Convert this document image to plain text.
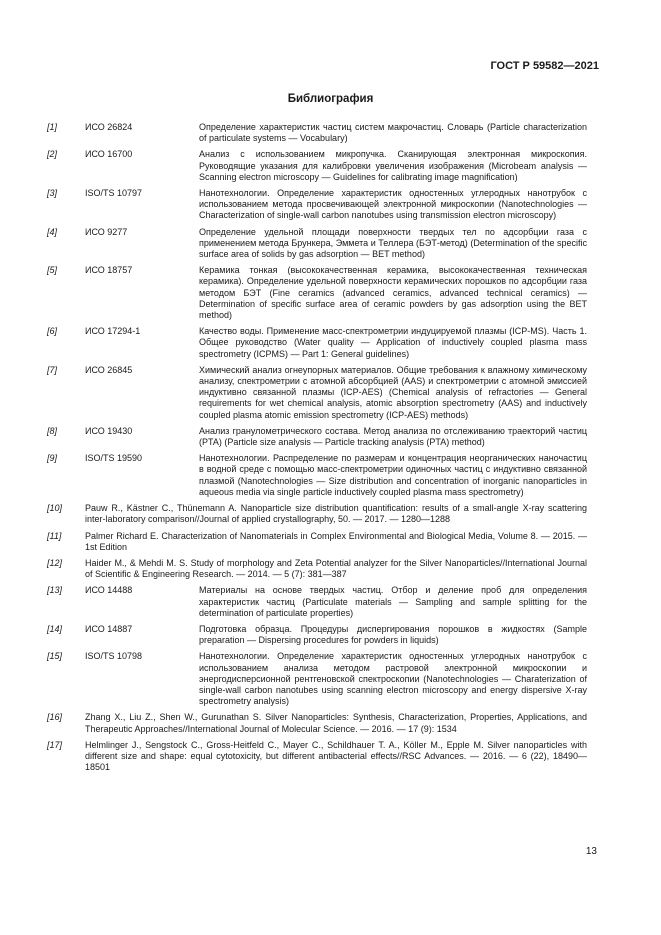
ГОСТ Р 59582—2021

Библиография
[1]	ИСО 26824	Определение характеристик частиц систем макрочастиц. Словарь (Particle characterization of particulate systems — Vocabulary)
[2]	ИСО 16700	Анализ с использованием микропучка. Сканирующая электронная микроскопия. Руководящие указания для калибровки увеличения изображения (Microbeam analysis — Scanning electron microscopy — Guidelines for calibrating image magnification)
[3]	ISO/TS 10797	Нанотехнологии. Определение характеристик одностенных углеродных нанотрубок с использованием метода просвечивающей электронной микроскопии (Nanotechnologies — Characterization of single-wall carbon nanotubes using transmission electron microscopy)
[4]	ИСО 9277	Определение удельной площади поверхности твердых тел по адсорбции газа с применением метода Брункера, Эммета и Теллера (БЭТ-метод) (Determination of the specific surface area of solids by gas adsorption — BET method)
[5]	ИСО 18757	Керамика тонкая (высококачественная керамика, высококачественная техническая керамика). Определение удельной поверхности керамических порошков по адсорбции газа методом БЭТ (Fine ceramics (advanced ceramics, advanced technical ceramics) — Determination of specific surface area of ceramic powders by gas adsorption using the BET method)
[6]	ИСО 17294-1	Качество воды. Применение масс-спектрометрии индуцируемой плазмы (ICP-MS). Часть 1. Общее руководство (Water quality — Application of inductively coupled plasma mass spectrometry (ICPMS) — Part 1: General guidelines)
[7]	ИСО 26845	Химический анализ огнеупорных материалов. Общие требования к влажному химическому анализу, спектрометрии с атомной абсорбцией (AAS) и спектрометрии с атомной эмиссией индуктивно связанной плазмы (ICP-AES) (Chemical analysis of refractories — General requirements for wet chemical analysis, atomic absorption spectrometry (AAS) and inductively coupled plasma atomic emission spectrometry (ICP-AES) methods)
[8]	ИСО 19430	Анализ гранулометрического состава. Метод анализа по отслеживанию траекторий частиц (PTA) (Particle size analysis — Particle tracking analysis (PTA) method)
[9]	ISO/TS 19590	Нанотехнологии. Распределение по размерам и концентрация неорганических наночастиц в водной среде с помощью масс-спектрометрии одиночных частиц с индуктивно связанной плазмой (Nanotechnologies — Size distribution and concentration of inorganic nanoparticles in aqueous media via single particle inductively coupled plasma mass spectrometry)
[10]	Pauw R., Kästner C., Thünemann A. Nanoparticle size distribution quantification: results of a small-angle X-ray scattering inter-laboratory comparison//Journal of applied crystallography, 50. — 2017. — 1280—1288
[11]	Palmer Richard E. Characterization of Nanomaterials in Complex Environmental and Biological Media, Volume 8. — 2015. — 1st Edition
[12]	Haider M., & Mehdi M. S. Study of morphology and Zeta Potential analyzer for the Silver Nanoparticles//International Journal of Scientific & Engineering Research. — 2014. — 5 (7): 381—387
[13]	ИСО 14488	Материалы на основе твердых частиц. Отбор и деление проб для определения характеристик частиц (Particulate materials — Sampling and sample splitting for the determination of particulate properties)
[14]	ИСО 14887	Подготовка образца. Процедуры диспергирования порошков в жидкостях (Sample preparation — Dispersing procedures for powders in liquids)
[15]	ISO/TS 10798	Нанотехнологии. Определение характеристик одностенных углеродных нанотрубок с использованием анализа методом растровой электронной микроскопии и энергодисперсионной рентгеновской спектроскопии (Nanotechnologies — Charaterization of single-wall carbon nanotubes using scanning electron microscopy and energy dispersive X-ray spectrometry analysis)
[16]	Zhang X., Liu Z., Shen W., Gurunathan S. Silver Nanoparticles: Synthesis, Characterization, Properties, Applications, and Therapeutic Approaches//International Journal of Molecular Science. — 2016. — 17 (9): 1534
[17]	Helmlinger J., Sengstock C., Gross-Heitfeld C., Mayer C., Schildhauer T. A., Köller M., Epple M. Silver nanoparticles with different size and shape: equal cytotoxicity, but different antibacterial effects//RSC Advances. — 2016. — 6 (22), 18490—18501

13
